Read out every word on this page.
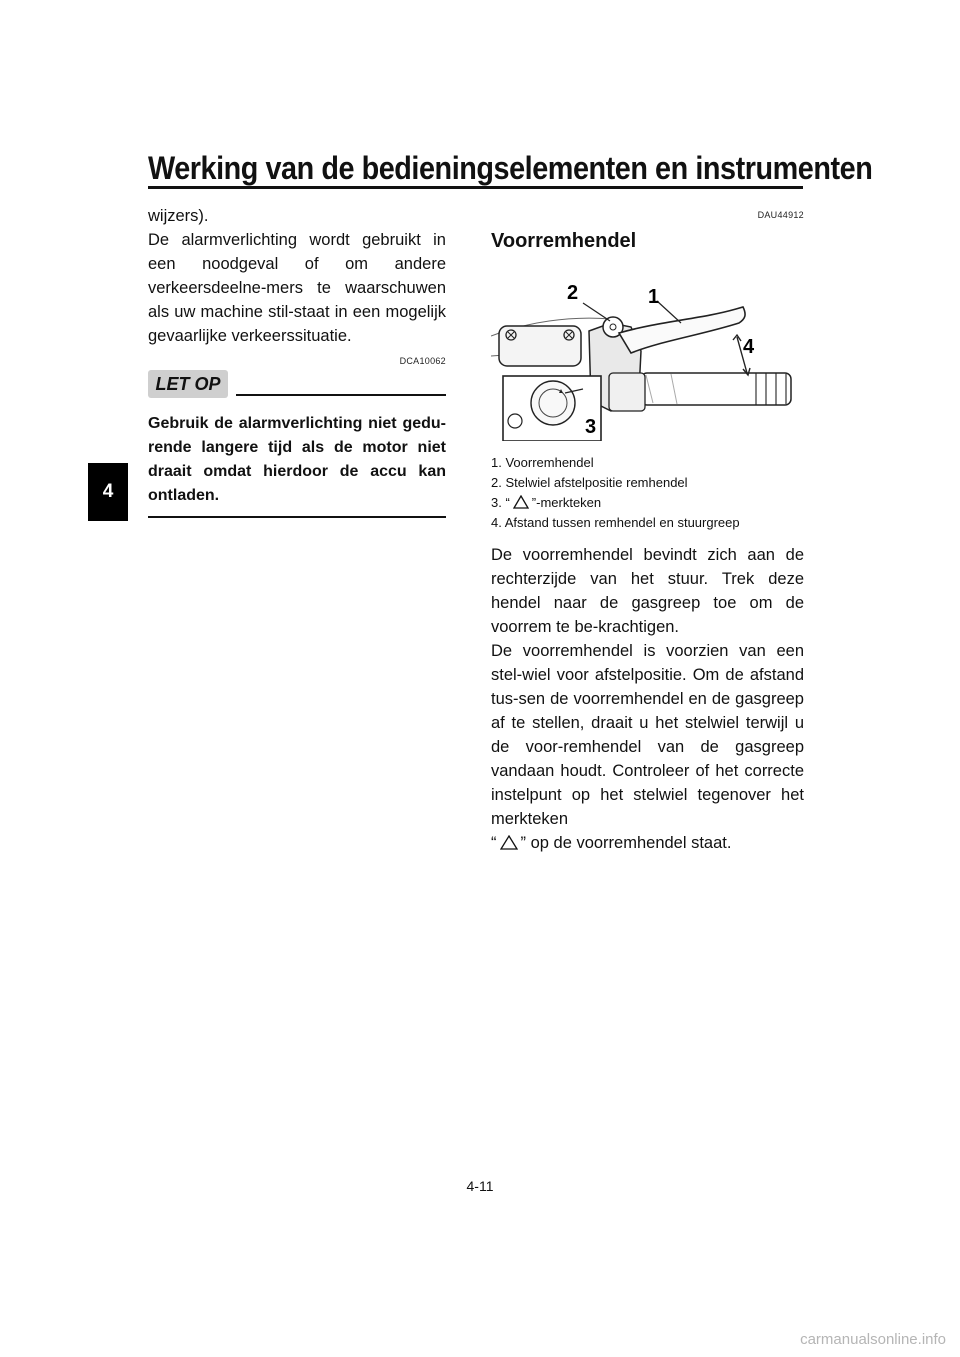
Werking van de bedieningselementen en instrumenten
4

wijzers).

De alarmverlichting wordt gebruikt in een noodgeval of om andere verkeersdeelne-mers te waarschuwen als uw machine stil-staat in een mogelijk gevaarlijke verkeerssituatie.

DCA10062
LET OP

Gebruik de alarmverlichting niet gedu-rende langere tijd als de motor niet draait omdat hierdoor de accu kan ontladen.

DAU44912
Voorremhendel
2	1
4
3
1. Voorremhendel
2. Stelwiel afstelpositie remhendel
3. “ ”-merkteken
4. Afstand tussen remhendel en stuurgreep

De voorremhendel bevindt zich aan de rechterzijde van het stuur. Trek deze hendel naar de gasgreep toe om de voorrem te be-krachtigen.

De voorremhendel is voorzien van een stel-wiel voor afstelpositie. Om de afstand tus-sen de voorremhendel en de gasgreep af te stellen, draait u het stelwiel terwijl u de voor-remhendel van de gasgreep vandaan houdt. Controleer of het correcte instelpunt op het stelwiel tegenover het merkteken

“ ” op de voorremhendel staat.

4-11
carmanualsonline.info
